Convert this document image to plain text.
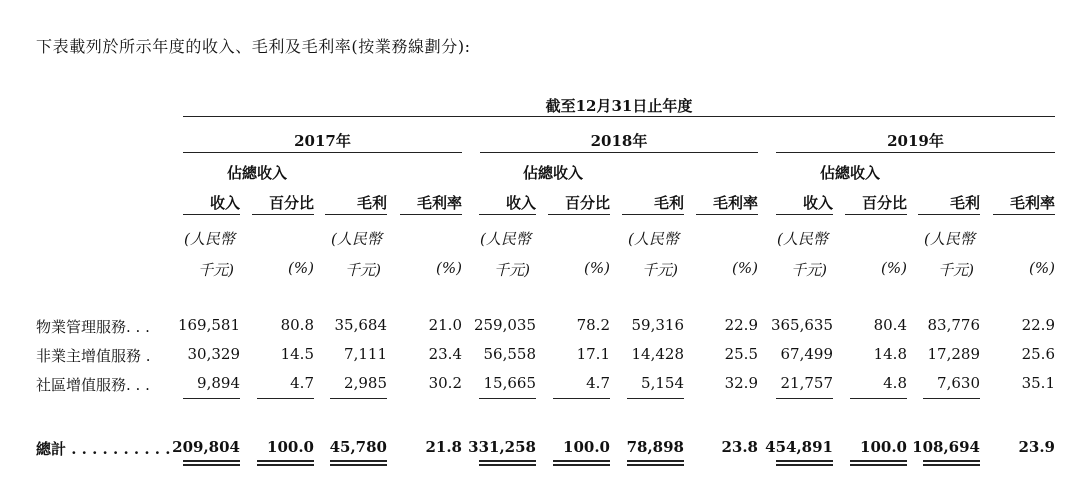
下表載列於所示年度的收入、毛利及毛利率(按業務線劃分):
截至12月31日止年度
2017年	2018年	2019年
佔總收入
收入	百分比	毛利	毛利率
(人民幣
千元)	(%)
(人民幣
千元)	(%)
佔總收入
收入	百分比	毛利	毛利率
(人民幣
千元)	(%)
(人民幣
千元)	(%)
佔總收入
收入	百分比	毛利	毛利率
(人民幣
千元)	(%)
(人民幣
千元)	(%)
物業管理服務. . .	169,581	80.8	35,684	21.0 259,035	78.2	59,316	22.9 365,635	80.4	83,776	22.9
非業主增值服務 .	30,329	14.5	7,111	23.4	56,558	17.1	14,428	25.5	67,499	14.8	17,289	25.6
社區增值服務. . .	9,894	4.7	2,985	30.2	15,665	4.7	5,154	32.9	21,757	4.8	7,630	35.1
總計 . . . . . . . . . . 209,804	100.0	45,780	21.8 331,258	100.0	78,898	23.8 454,891	100.0 108,694	23.9
